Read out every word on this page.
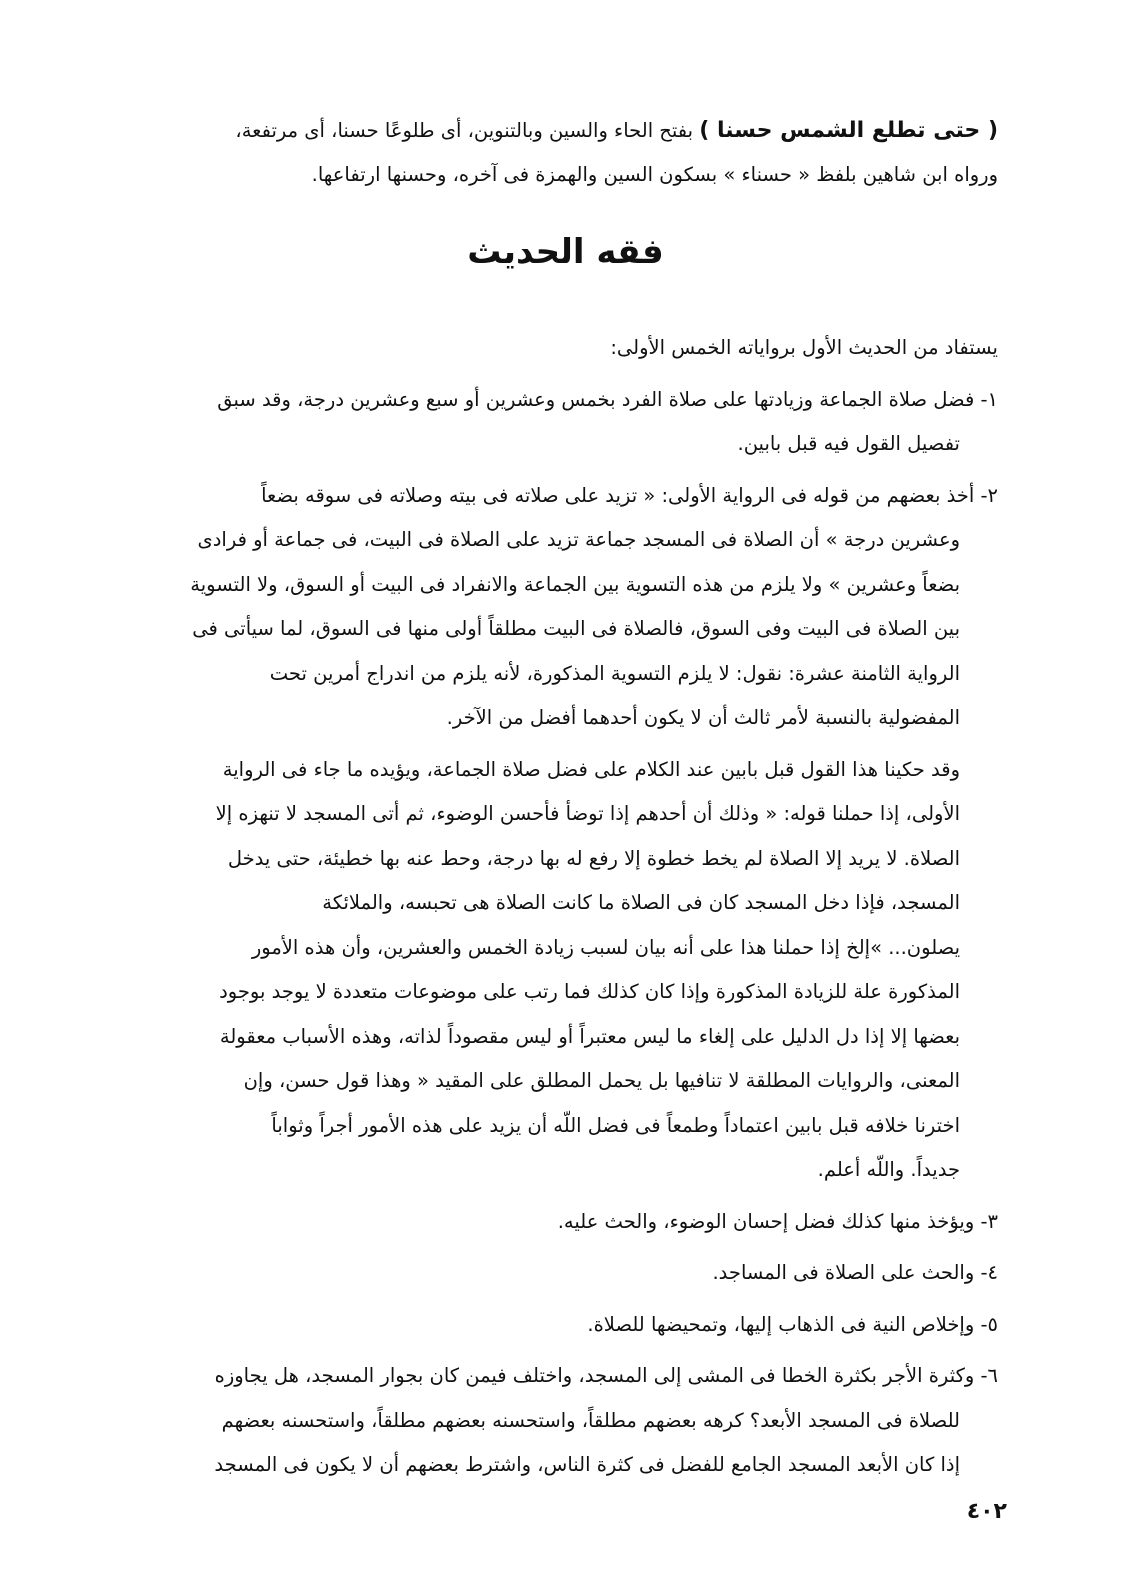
( حتى تطلع الشمس حسنا ) بفتح الحاء والسين وبالتنوين، أى طلوعًا حسنا، أى مرتفعة،
ورواه ابن شاهين بلفظ « حسناء » بسكون السين والهمزة فى آخره، وحسنها ارتفاعها.
فقه الحديث

يستفاد من الحديث الأول برواياته الخمس الأولى:

١- فضل صلاة الجماعة وزيادتها على صلاة الفرد بخمس وعشرين أو سبع وعشرين درجة، وقد سبق
تفصيل القول فيه قبل بابين.

٢- أخذ بعضهم من قوله فى الرواية الأولى: « تزيد على صلاته فى بيته وصلاته فى سوقه بضعاً
وعشرين درجة » أن الصلاة فى المسجد جماعة تزيد على الصلاة فى البيت، فى جماعة أو فرادى
بضعاً وعشرين » ولا يلزم من هذه التسوية بين الجماعة والانفراد فى البيت أو السوق، ولا التسوية
بين الصلاة فى البيت وفى السوق، فالصلاة فى البيت مطلقاً أولى منها فى السوق، لما سيأتى فى
الرواية الثامنة عشرة: نقول: لا يلزم التسوية المذكورة، لأنه يلزم من اندراج أمرين تحت
المفضولية بالنسبة لأمر ثالث أن لا يكون أحدهما أفضل من الآخر.

وقد حكينا هذا القول قبل بابين عند الكلام على فضل صلاة الجماعة، ويؤيده ما جاء فى الرواية
الأولى، إذا حملنا قوله: « وذلك أن أحدهم إذا توضأ فأحسن الوضوء، ثم أتى المسجد لا تنهزه إلا
الصلاة. لا يريد إلا الصلاة لم يخط خطوة إلا رفع له بها درجة، وحط عنه بها خطيئة، حتى يدخل
المسجد، فإذا دخل المسجد كان فى الصلاة ما كانت الصلاة هى تحبسه، والملائكة
يصلون... »إلخ إذا حملنا هذا على أنه بيان لسبب زيادة الخمس والعشرين، وأن هذه الأمور
المذكورة علة للزيادة المذكورة وإذا كان كذلك فما رتب على موضوعات متعددة لا يوجد بوجود
بعضها إلا إذا دل الدليل على إلغاء ما ليس معتبراً أو ليس مقصوداً لذاته، وهذه الأسباب معقولة
المعنى، والروايات المطلقة لا تنافيها بل يحمل المطلق على المقيد « وهذا قول حسن، وإن
اخترنا خلافه قبل بابين اعتماداً وطمعاً فى فضل اللّه أن يزيد على هذه الأمور أجراً وثواباً
جديداً. واللّه أعلم.

٣- ويؤخذ منها كذلك فضل إحسان الوضوء، والحث عليه.

٤- والحث على الصلاة فى المساجد.

٥- وإخلاص النية فى الذهاب إليها، وتمحيضها للصلاة.

٦- وكثرة الأجر بكثرة الخطا فى المشى إلى المسجد، واختلف فيمن كان بجوار المسجد، هل يجاوزه
للصلاة فى المسجد الأبعد؟ كرهه بعضهم مطلقاً، واستحسنه بعضهم مطلقاً، واستحسنه بعضهم
إذا كان الأبعد المسجد الجامع للفضل فى كثرة الناس، واشترط بعضهم أن لا يكون فى المسجد

٤٠٢
